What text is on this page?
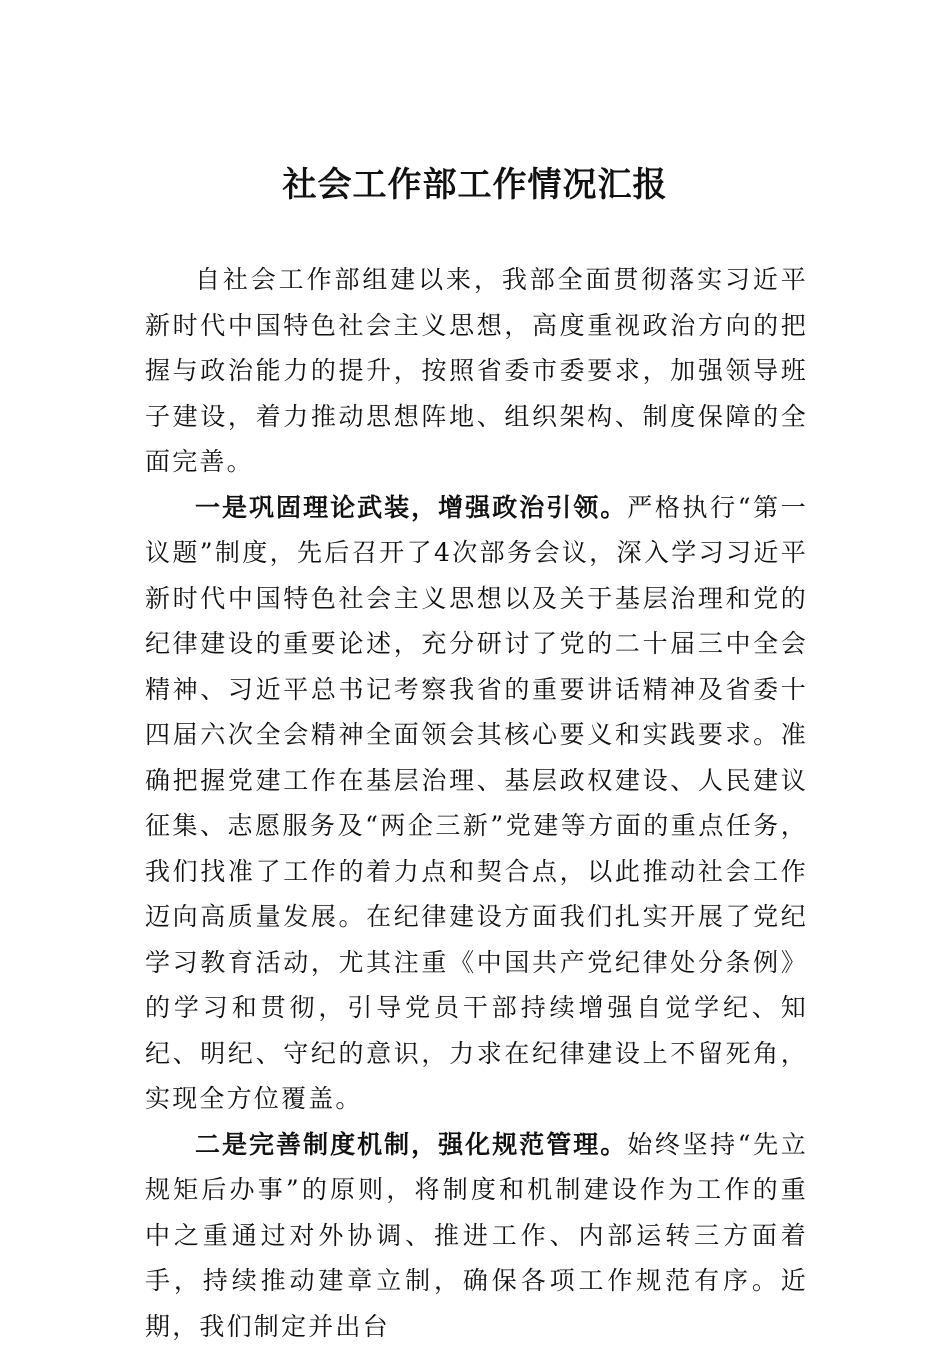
社会工作部工作情况汇报

自社会工作部组建以来，我部全面贯彻落实习近平新时代中国特色社会主义思想，高度重视政治方向的把握与政治能力的提升，按照省委市委要求，加强领导班子建设，着力推动思想阵地、组织架构、制度保障的全面完善。

一是巩固理论武装，增强政治引领。严格执行“第一议题”制度，先后召开了4次部务会议，深入学习习近平新时代中国特色社会主义思想以及关于基层治理和党的纪律建设的重要论述，充分研讨了党的二十届三中全会精神、习近平总书记考察我省的重要讲话精神及省委十四届六次全会精神全面领会其核心要义和实践要求。准确把握党建工作在基层治理、基层政权建设、人民建议征集、志愿服务及“两企三新”党建等方面的重点任务，我们找准了工作的着力点和契合点，以此推动社会工作迈向高质量发展。在纪律建设方面我们扎实开展了党纪学习教育活动，尤其注重《中国共产党纪律处分条例》的学习和贯彻，引导党员干部持续增强自觉学纪、知纪、明纪、守纪的意识，力求在纪律建设上不留死角，实现全方位覆盖。

二是完善制度机制，强化规范管理。始终坚持“先立规矩后办事”的原则，将制度和机制建设作为工作的重中之重通过对外协调、推进工作、内部运转三方面着手，持续推动建章立制，确保各项工作规范有序。近期，我们制定并出台
